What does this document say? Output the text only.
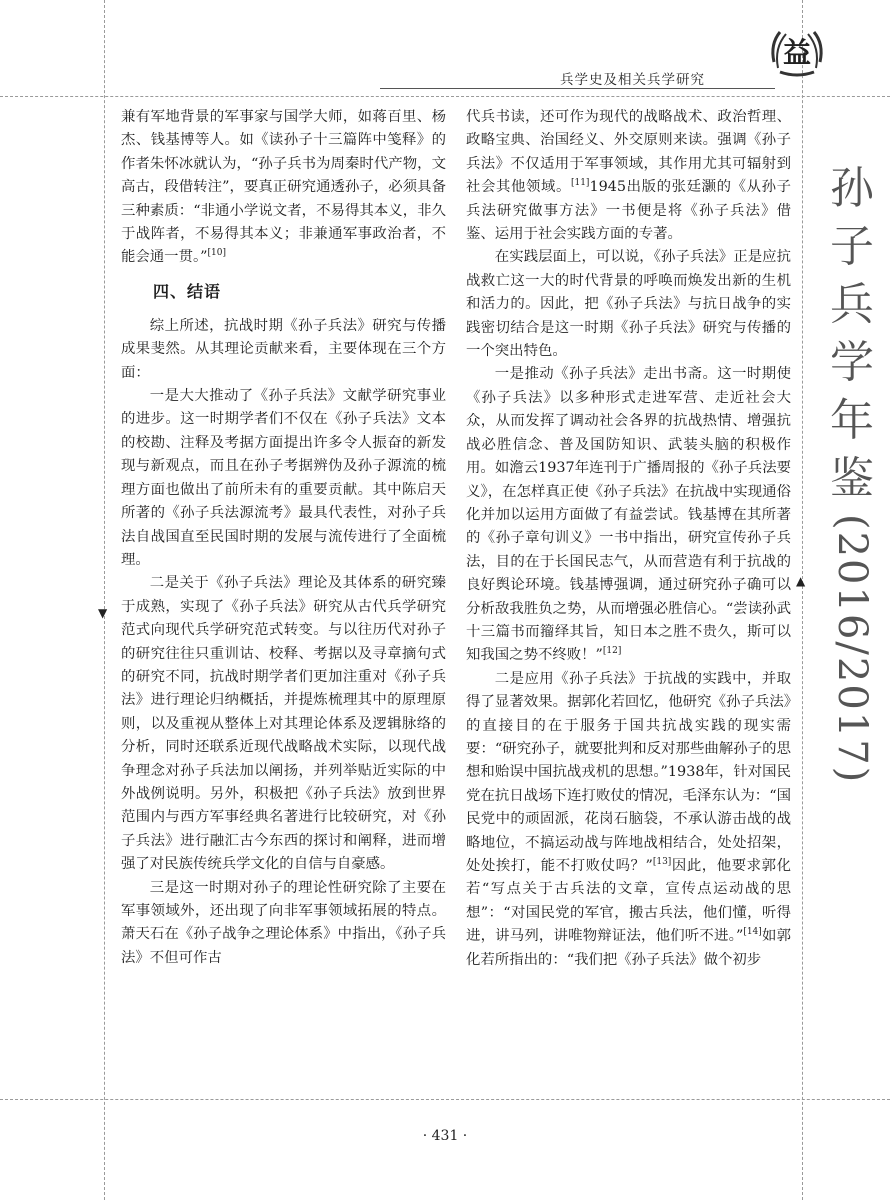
兵学史及相关兵学研究
益
孙
子
兵
学
年
鉴
(2016/2017)
▼
▲

兼有军地背景的军事家与国学大师，如蒋百里、杨杰、钱基博等人。如《读孙子十三篇阵中笺释》的作者朱怀冰就认为，“孙子兵书为周秦时代产物，文高古，段借转注”，要真正研究通透孙子，必须具备三种素质：“非通小学说文者，不易得其本义，非久于战阵者，不易得其本义；非兼通军事政治者，不能会通一贯。”[10]

四、结语

综上所述，抗战时期《孙子兵法》研究与传播成果斐然。从其理论贡献来看，主要体现在三个方面：

一是大大推动了《孙子兵法》文献学研究事业的进步。这一时期学者们不仅在《孙子兵法》文本的校勘、注释及考据方面提出许多令人振奋的新发现与新观点，而且在孙子考据辨伪及孙子源流的梳理方面也做出了前所未有的重要贡献。其中陈启天所著的《孙子兵法源流考》最具代表性，对孙子兵法自战国直至民国时期的发展与流传进行了全面梳理。

二是关于《孙子兵法》理论及其体系的研究臻于成熟，实现了《孙子兵法》研究从古代兵学研究范式向现代兵学研究范式转变。与以往历代对孙子的研究往往只重训诂、校释、考据以及寻章摘句式的研究不同，抗战时期学者们更加注重对《孙子兵法》进行理论归纳概括，并提炼梳理其中的原理原则，以及重视从整体上对其理论体系及逻辑脉络的分析，同时还联系近现代战略战术实际，以现代战争理念对孙子兵法加以阐扬，并列举贴近实际的中外战例说明。另外，积极把《孙子兵法》放到世界范围内与西方军事经典名著进行比较研究，对《孙子兵法》进行融汇古今东西的探讨和阐释，进而增强了对民族传统兵学文化的自信与自豪感。

三是这一时期对孙子的理论性研究除了主要在军事领域外，还出现了向非军事领域拓展的特点。萧天石在《孙子战争之理论体系》中指出，《孙子兵法》不但可作古

代兵书读，还可作为现代的战略战术、政治哲理、政略宝典、治国经义、外交原则来读。强调《孙子兵法》不仅适用于军事领域，其作用尤其可辐射到社会其他领域。[11]1945出版的张廷灏的《从孙子兵法研究做事方法》一书便是将《孙子兵法》借鉴、运用于社会实践方面的专著。

在实践层面上，可以说，《孙子兵法》正是应抗战救亡这一大的时代背景的呼唤而焕发出新的生机和活力的。因此，把《孙子兵法》与抗日战争的实践密切结合是这一时期《孙子兵法》研究与传播的一个突出特色。

一是推动《孙子兵法》走出书斋。这一时期使《孙子兵法》以多种形式走进军营、走近社会大众，从而发挥了调动社会各界的抗战热情、增强抗战必胜信念、普及国防知识、武装头脑的积极作用。如澹云1937年连刊于广播周报的《孙子兵法要义》，在怎样真正使《孙子兵法》在抗战中实现通俗化并加以运用方面做了有益尝试。钱基博在其所著的《孙子章句训义》一书中指出，研究宣传孙子兵法，目的在于长国民志气，从而营造有利于抗战的良好舆论环境。钱基博强调，通过研究孙子确可以分析敌我胜负之势，从而增强必胜信心。“尝读孙武十三篇书而籀绎其旨，知日本之胜不贵久，斯可以知我国之势不终败！”[12]

二是应用《孙子兵法》于抗战的实践中，并取得了显著效果。据郭化若回忆，他研究《孙子兵法》的直接目的在于服务于国共抗战实践的现实需要：“研究孙子，就要批判和反对那些曲解孙子的思想和贻误中国抗战戎机的思想。”1938年，针对国民党在抗日战场下连打败仗的情况，毛泽东认为：“国民党中的顽固派，花岗石脑袋，不承认游击战的战略地位，不搞运动战与阵地战相结合，处处招架，处处挨打，能不打败仗吗？”[13]因此，他要求郭化若“写点关于古兵法的文章，宣传点运动战的思想”：“对国民党的军官，搬古兵法，他们懂，听得进，讲马列，讲唯物辩证法，他们听不进。”[14]如郭化若所指出的：“我们把《孙子兵法》做个初步

· 431 ·
